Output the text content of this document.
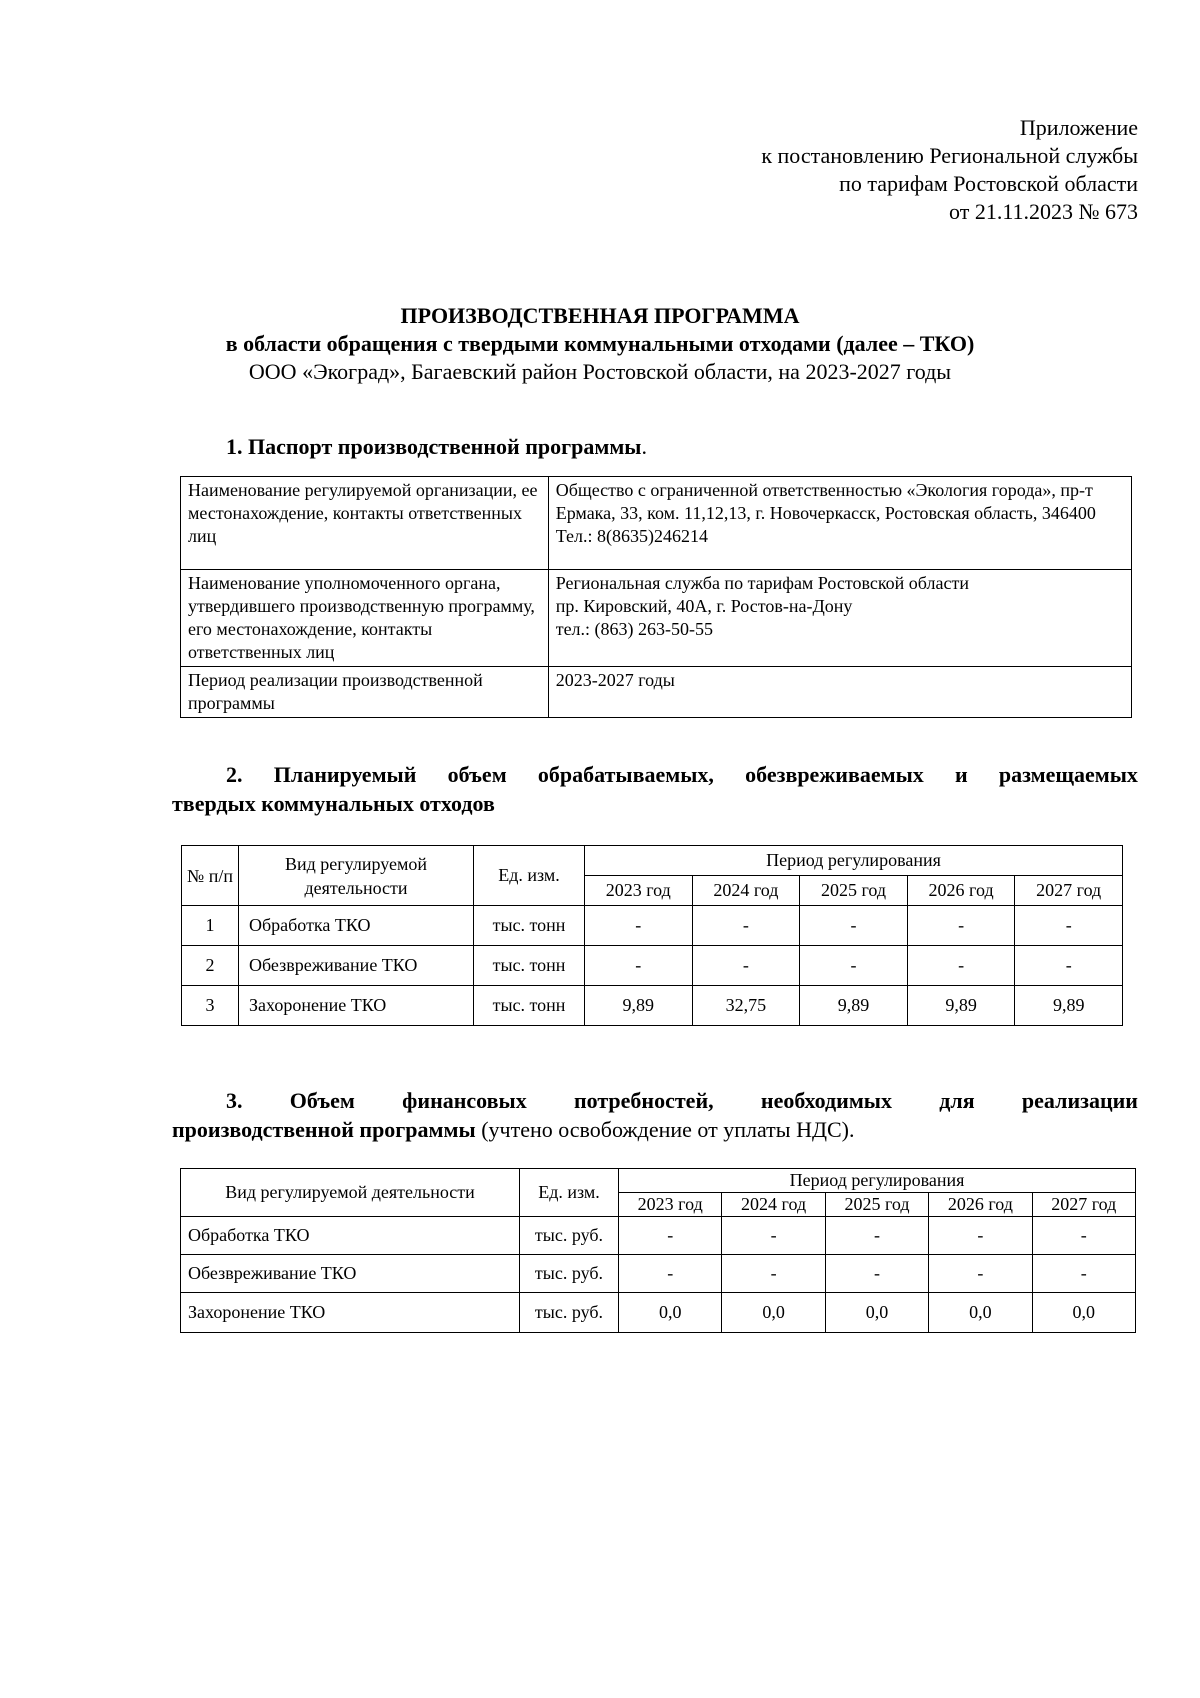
Приложение
к постановлению Региональной службы
по тарифам Ростовской области
от 21.11.2023 № 673
ПРОИЗВОДСТВЕННАЯ ПРОГРАММА
в области обращения с твердыми коммунальными отходами (далее – ТКО)
ООО «Экоград», Багаевский район Ростовской области, на 2023-2027 годы
1. Паспорт производственной программы.
Наименование регулируемой организации, ее местонахождение, контакты ответственных лиц	Общество с ограниченной ответственностью «Экология города», пр-т Ермака, 33, ком. 11,12,13, г. Новочеркасск, Ростовская область, 346400
Тел.: 8(8635)246214

Наименование уполномоченного органа, утвердившего производственную программу, его местонахождение, контакты ответственных лиц	Региональная служба по тарифам Ростовской области
пр. Кировский, 40А, г. Ростов-на-Дону
тел.: (863) 263-50-55

Период реализации производственной программы	2023-2027 годы
2. Планируемый объем обрабатываемых, обезвреживаемых и размещаемых
твердых коммунальных отходов
№ п/п	Вид регулируемой деятельности	Ед. изм.	Период регулирования				
			2023 год	2024 год	2025 год	2026 год	2027 год
1	Обработка ТКО	тыс. тонн	-	-	-	-	-
2	Обезвреживание ТКО	тыс. тонн	-	-	-	-	-
3	Захоронение ТКО	тыс. тонн	9,89	32,75	9,89	9,89	9,89
3. Объем финансовых потребностей, необходимых для реализации
производственной программы (учтено освобождение от уплаты НДС).
Вид регулируемой деятельности	Ед. изм.	Период регулирования				
		2023 год	2024 год	2025 год	2026 год	2027 год
Обработка ТКО	тыс. руб.	-	-	-	-	-
Обезвреживание ТКО	тыс. руб.	-	-	-	-	-
Захоронение ТКО	тыс. руб.	0,0	0,0	0,0	0,0	0,0
